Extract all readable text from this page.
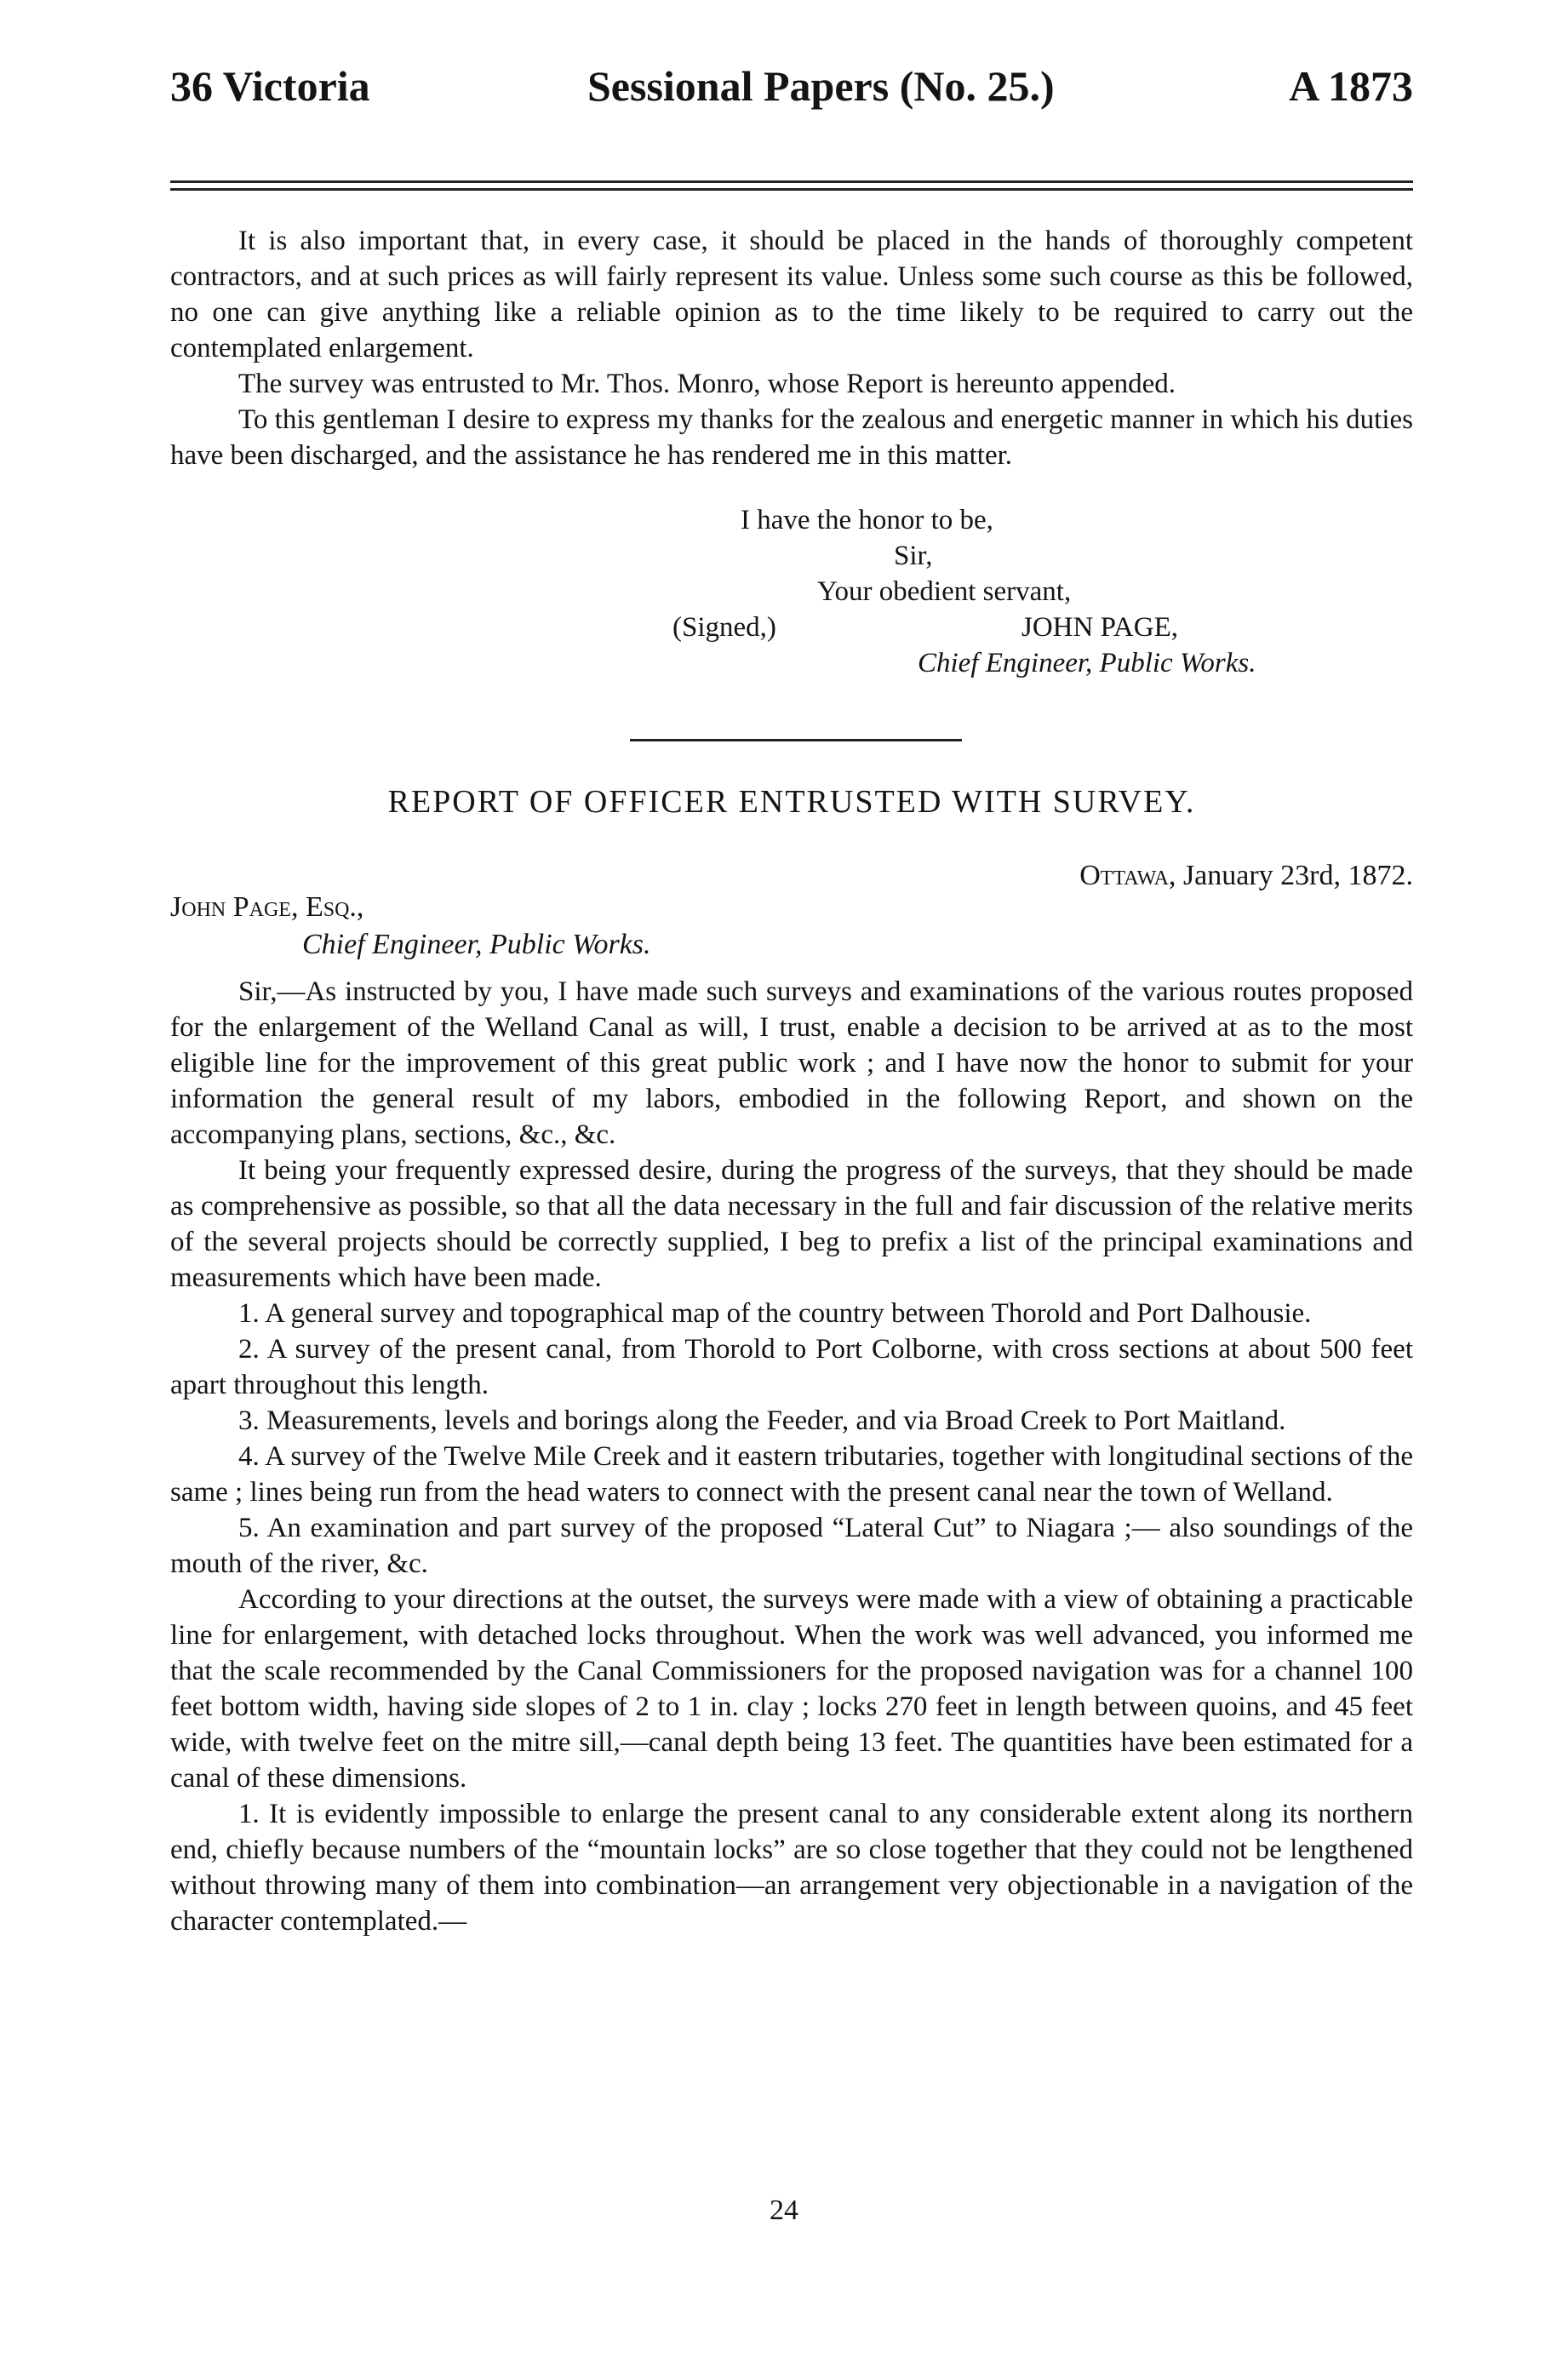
36 Victoria	Sessional Papers (No. 25.)	A 1873

It is also important that, in every case, it should be placed in the hands of thoroughly competent contractors, and at such prices as will fairly represent its value. Unless some such course as this be followed, no one can give anything like a reliable opinion as to the time likely to be required to carry out the contemplated enlargement.

The survey was entrusted to Mr. Thos. Monro, whose Report is hereunto appended.

To this gentleman I desire to express my thanks for the zealous and energetic manner in which his duties have been discharged, and the assistance he has rendered me in this matter.

I have the honor to be,
Sir,
Your obedient servant,
(Signed,)	JOHN PAGE,
Chief Engineer, Public Works.
REPORT OF OFFICER ENTRUSTED WITH SURVEY.
Ottawa, January 23rd, 1872.
John Page, Esq.,
Chief Engineer, Public Works.

Sir,—As instructed by you, I have made such surveys and examinations of the various routes proposed for the enlargement of the Welland Canal as will, I trust, enable a decision to be arrived at as to the most eligible line for the improvement of this great public work ; and I have now the honor to submit for your information the general result of my labors, embodied in the following Report, and shown on the accompanying plans, sections, &c., &c.

It being your frequently expressed desire, during the progress of the surveys, that they should be made as comprehensive as possible, so that all the data necessary in the full and fair discussion of the relative merits of the several projects should be correctly supplied, I beg to prefix a list of the principal examinations and measurements which have been made.

1. A general survey and topographical map of the country between Thorold and Port Dalhousie.

2. A survey of the present canal, from Thorold to Port Colborne, with cross sections at about 500 feet apart throughout this length.

3. Measurements, levels and borings along the Feeder, and via Broad Creek to Port Maitland.

4. A survey of the Twelve Mile Creek and it eastern tributaries, together with longitudinal sections of the same ; lines being run from the head waters to connect with the present canal near the town of Welland.

5. An examination and part survey of the proposed “Lateral Cut” to Niagara ;— also soundings of the mouth of the river, &c.

According to your directions at the outset, the surveys were made with a view of obtaining a practicable line for enlargement, with detached locks throughout. When the work was well advanced, you informed me that the scale recommended by the Canal Commissioners for the proposed navigation was for a channel 100 feet bottom width, having side slopes of 2 to 1 in. clay ; locks 270 feet in length between quoins, and 45 feet wide, with twelve feet on the mitre sill,—canal depth being 13 feet. The quantities have been estimated for a canal of these dimensions.

1. It is evidently impossible to enlarge the present canal to any considerable extent along its northern end, chiefly because numbers of the “mountain locks” are so close together that they could not be lengthened without throwing many of them into combination—an arrangement very objectionable in a navigation of the character contemplated.—

24
